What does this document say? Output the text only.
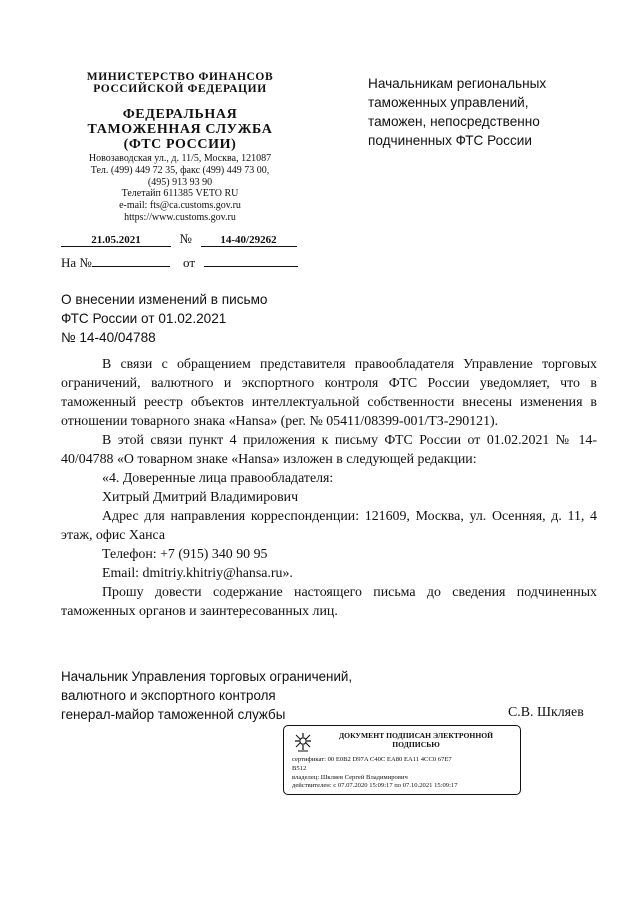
МИНИСТЕРСТВО ФИНАНСОВ
РОССИЙСКОЙ ФЕДЕРАЦИИ
ФЕДЕРАЛЬНАЯ
ТАМОЖЕННАЯ СЛУЖБА
(ФТС РОССИИ)
Новозаводская ул., д. 11/5, Москва, 121087
Тел. (499) 449 72 35, факс (499) 449 73 00,
(495) 913 93 90
Телетайп 611385 VETO RU
e-mail: fts@ca.customs.gov.ru
https://www.customs.gov.ru
21.05.2021	№	14-40/29262
На №	от
Начальникам региональных
таможенных управлений,
таможен, непосредственно
подчиненных ФТС России
О внесении изменений в письмо
ФТС России от 01.02.2021
№ 14-40/04788

В связи с обращением представителя правообладателя Управление торговых ограничений, валютного и экспортного контроля ФТС России уведомляет, что в таможенный реестр объектов интеллектуальной собственности внесены изменения в отношении товарного знака «Hansa» (рег. № 05411/08399-001/ТЗ-290121).

В этой связи пункт 4 приложения к письму ФТС России от 01.02.2021 № 14-40/04788 «О товарном знаке «Hansa» изложен в следующей редакции:

«4. Доверенные лица правообладателя:

Хитрый Дмитрий Владимирович

Адрес для направления корреспонденции: 121609, Москва, ул. Осенняя, д. 11, 4 этаж, офис Ханса

Телефон: +7 (915) 340 90 95

Email: dmitriy.khitriy@hansa.ru».

Прошу довести содержание настоящего письма до сведения подчиненных таможенных органов и заинтересованных лиц.

Начальник Управления торговых ограничений,
валютного и экспортного контроля
генерал-майор таможенной службы	С.В. Шкляев
ДОКУМЕНТ ПОДПИСАН ЭЛЕКТРОННОЙ ПОДПИСЬЮ
сертификат: 00 E0B2 D97A C40C EA80 EA11 4CC0 67E7
B512
владелец: Шкляев Сергей Владимирович
действителен: с 07.07.2020 15:09:17 по 07.10.2021 15:09:17
